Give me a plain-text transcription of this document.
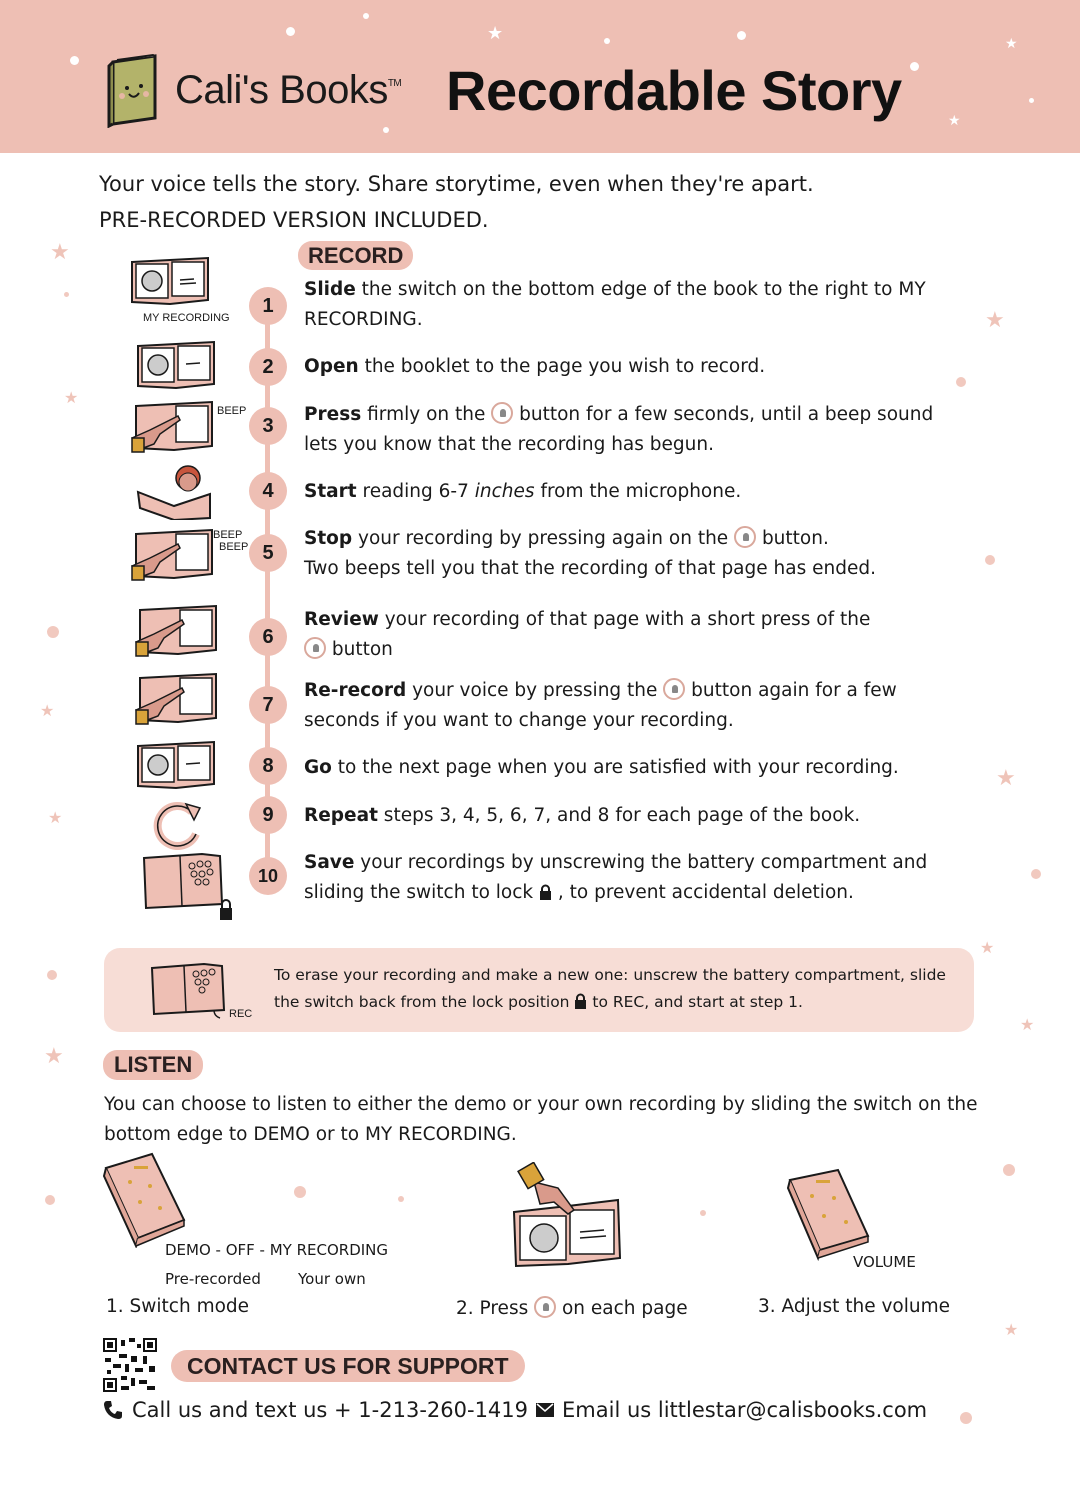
★	★
★
Cali's Books™ Recordable Story
★
★
★
★
★
★
★
★
★
★
Your voice tells the story. Share storytime, even when they're apart.
PRE-RECORDED VERSION INCLUDED.
RECORD
MY RECORDING
BEEP
BEEP
BEEP
1
2
3
4
5
6
7
8
9
10
Slide the switch on the bottom edge of the book to the right to MY RECORDING.
Open the booklet to the page you wish to record.
Press firmly on the  button for a few seconds, until a beep sound lets you know that the recording has begun.
Start reading 6-7 inches from the microphone.
Stop your recording by pressing again on the  button.
Two beeps tell you that the recording of that page has ended.
Review your recording of that page with a short press of the
button
Re-record your voice by pressing the  button again for a few seconds if you want to change your recording.
Go to the next page when you are satisfied with your recording.
Repeat steps 3, 4, 5, 6, 7, and 8 for each page of the book.
Save your recordings by unscrewing the battery compartment and sliding the switch to lock  , to prevent accidental deletion.
REC
To erase your recording and make a new one: unscrew the battery compartment, slide the switch back from the lock position  to REC, and start at step 1.
LISTEN
You can choose to listen to either the demo or your own recording by sliding the switch on the bottom edge to DEMO or to MY RECORDING.
DEMO - OFF - MY RECORDING
Pre-recorded Your own
1. Switch mode	2. Press  on each page
VOLUME
3. Adjust the volume
CONTACT US FOR SUPPORT
Call us and text us + 1-213-260-1419 Email us littlestar@calisbooks.com
